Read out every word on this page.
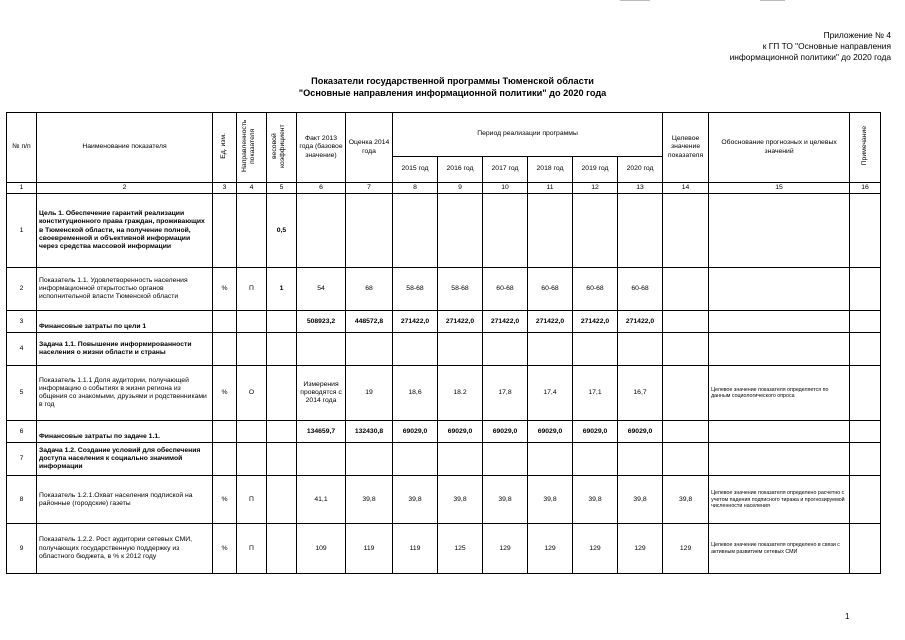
Приложение № 4
к ГП ТО "Основные направления
информационной политики" до 2020 года
Показатели государственной программы Тюменской области
"Основные направления информационной политики" до 2020 года
№ п/п	Наименование показателя	Ед. изм.	Направленность показателя	весовой коэффициент	Факт 2013 года (базовое значение)	Оценка 2014 года	Период реализации программы						Целевое значение показателя	Обоснование прогнозных и целевых значений	Примечание
							2015 год	2016 год	2017 год	2018 год	2019 год	2020 год			
1	2	3	4	5	6	7	8	9	10	11	12	13	14	15	16
1	Цель 1. Обеспечение гарантий реализации конституционного права граждан, проживающих в Тюменской области, на получение полной, своевременной и объективной информации через средства массовой информации			0,5											
2	Показатель 1.1. Удовлетворенность населения информационной открытостью органов исполнительной власти Тюменской области	%	П	1	54	68	58-68	58-68	60-68	60-68	60-68	60-68			
3	Финансовые затраты по цели 1				508923,2	448572,8	271422,0	271422,0	271422,0	271422,0	271422,0	271422,0			
4	Задача 1.1. Повышение информированности населения о жизни области и страны														
5	Показатель 1.1.1 Доля аудитории, получающей информацию о событиях в жизни региона из общения со знакомыми, друзьями и родственниками в год	%	О		Измерения проводятся с 2014 года	19	18,6	18.2	17,8	17,4	17,1	16,7		Целевое значение показателя определяется по данным социологического опроса	
6	Финансовые затраты по задаче 1.1.				134659,7	132430,8	69029,0	69029,0	69029,0	69029,0	69029,0	69029,0			
7	Задача 1.2. Создание условий для обеспечения доступа населения к социально значимой информации														
8	Показатель 1.2.1.Охват населения подпиской на районные (городские) газеты	%	П		41,1	39,8	39,8	39,8	39,8	39,8	39,8	39,8	39,8	Целевое значение показателя определено расчетно с учетом падения подписного тиража и прогнозируемой численности населения	
9	Показатель 1.2.2. Рост аудитории сетевых СМИ, получающих государственную поддержку из областного бюджета, в % к 2012 году	%	П		109	119	119	125	129	129	129	129	129	Целевое значение показателя определено в связи с активным развитием сетевых СМИ	
1
